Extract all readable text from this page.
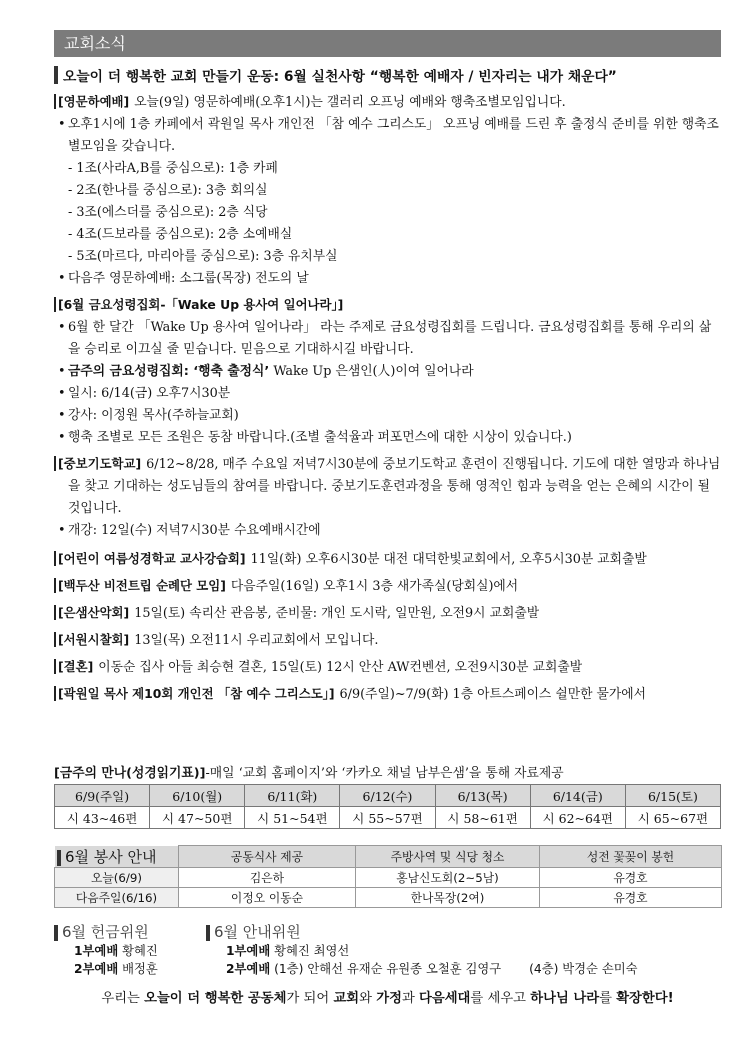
교회소식
오늘이 더 행복한 교회 만들기 운동: 6월 실천사항 “행복한 예배자 / 빈자리는 내가 채운다”
[영문하예배] 오늘(9일) 영문하예배(오후1시)는 갤러리 오프닝 예배와 행축조별모임입니다.
• 오후1시에 1층 카페에서 곽원일 목사 개인전 「참 예수 그리스도」 오프닝 예배를 드린 후 출정식 준비를 위한 행축조별모임을 갖습니다.
- 1조(사라A,B를 중심으로): 1층 카페
- 2조(한나를 중심으로): 3층 회의실
- 3조(에스더를 중심으로): 2층 식당
- 4조(드보라를 중심으로): 2층 소예배실
- 5조(마르다, 마리아를 중심으로): 3층 유치부실
• 다음주 영문하예배: 소그룹(목장) 전도의 날
[6월 금요성령집회-「Wake Up 용사여 일어나라」]
• 6월 한 달간 「Wake Up 용사여 일어나라」 라는 주제로 금요성령집회를 드립니다. 금요성령집회를 통해 우리의 삶을 승리로 이끄실 줄 믿습니다. 믿음으로 기대하시길 바랍니다.
• 금주의 금요성령집회: ‘행축 출정식’ Wake Up 은샘인(人)이여 일어나라
• 일시: 6/14(금) 오후7시30분
• 강사: 이정원 목사(주하늘교회)
• 행축 조별로 모든 조원은 동참 바랍니다.(조별 출석율과 퍼포먼스에 대한 시상이 있습니다.)
[중보기도학교] 6/12~8/28, 매주 수요일 저녁7시30분에 중보기도학교 훈련이 진행됩니다. 기도에 대한 열망과 하나님을 찾고 기대하는 성도님들의 참여를 바랍니다. 중보기도훈련과정을 통해 영적인 힘과 능력을 얻는 은혜의 시간이 될 것입니다.
• 개강: 12일(수) 저녁7시30분 수요예배시간에
[어린이 여름성경학교 교사강습회] 11일(화) 오후6시30분 대전 대덕한빛교회에서, 오후5시30분 교회출발
[백두산 비전트립 순례단 모임] 다음주일(16일) 오후1시 3층 새가족실(당회실)에서
[은샘산악회] 15일(토) 속리산 관음봉, 준비물: 개인 도시락, 일만원, 오전9시 교회출발
[서원시찰회] 13일(목) 오전11시 우리교회에서 모입니다.
[결혼] 이동순 집사 아들 최승현 결혼, 15일(토) 12시 안산 AW컨벤션, 오전9시30분 교회출발
[곽원일 목사 제10회 개인전 「참 예수 그리스도」] 6/9(주일)~7/9(화) 1층 아트스페이스 쉴만한 물가에서
[금주의 만나(성경읽기표)]-매일 ‘교회 홈페이지’와 ‘카카오 채널 남부은샘’을 통해 자료제공
6/9(주일)	6/10(월)	6/11(화)	6/12(수)	6/13(목)	6/14(금)	6/15(토)
시 43~46편	시 47~50편	시 51~54편	시 55~57편	시 58~61편	시 62~64편	시 65~67편
6월 봉사 안내	공동식사 제공	주방사역 및 식당 청소	성전 꽃꽂이 봉헌
오늘(6/9)	김은하	홍남신도회(2~5남)	유경호
다음주일(6/16)	이정오 이동순	한나목장(2여)	유경호
6월 헌금위원
1부예배 황혜진
2부예배 배정훈
6월 안내위원
1부예배 황혜진 최영선
2부예배 (1층) 안해선 유재순 유원종 오철훈 김영구 (4층) 박경순 손미숙
우리는 오늘이 더 행복한 공동체가 되어 교회와 가정과 다음세대를 세우고 하나님 나라를 확장한다!
